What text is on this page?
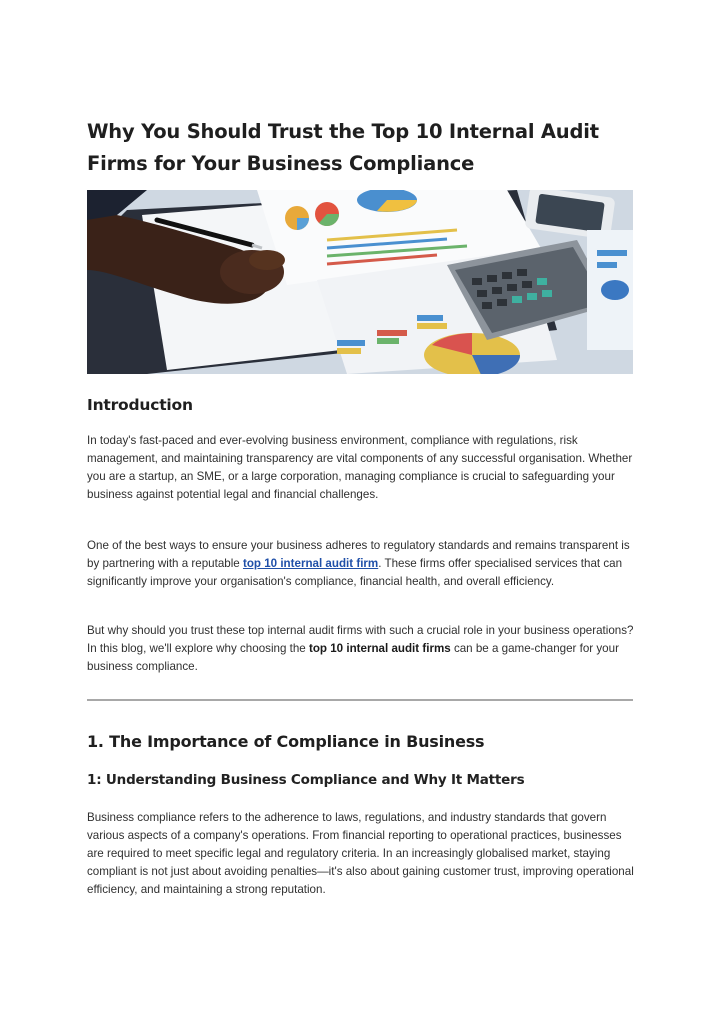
Why You Should Trust the Top 10 Internal Audit Firms for Your Business Compliance
Introduction

In today's fast-paced and ever-evolving business environment, compliance with regulations, risk management, and maintaining transparency are vital components of any successful organisation. Whether you are a startup, an SME, or a large corporation, managing compliance is crucial to safeguarding your business against potential legal and financial challenges.

One of the best ways to ensure your business adheres to regulatory standards and remains transparent is by partnering with a reputable top 10 internal audit firm. These firms offer specialised services that can significantly improve your organisation's compliance, financial health, and overall efficiency.

But why should you trust these top internal audit firms with such a crucial role in your business operations? In this blog, we'll explore why choosing the top 10 internal audit firms can be a game-changer for your business compliance.

1. The Importance of Compliance in Business
1: Understanding Business Compliance and Why It Matters

Business compliance refers to the adherence to laws, regulations, and industry standards that govern various aspects of a company's operations. From financial reporting to operational practices, businesses are required to meet specific legal and regulatory criteria. In an increasingly globalised market, staying compliant is not just about avoiding penalties—it's also about gaining customer trust, improving operational efficiency, and maintaining a strong reputation.
